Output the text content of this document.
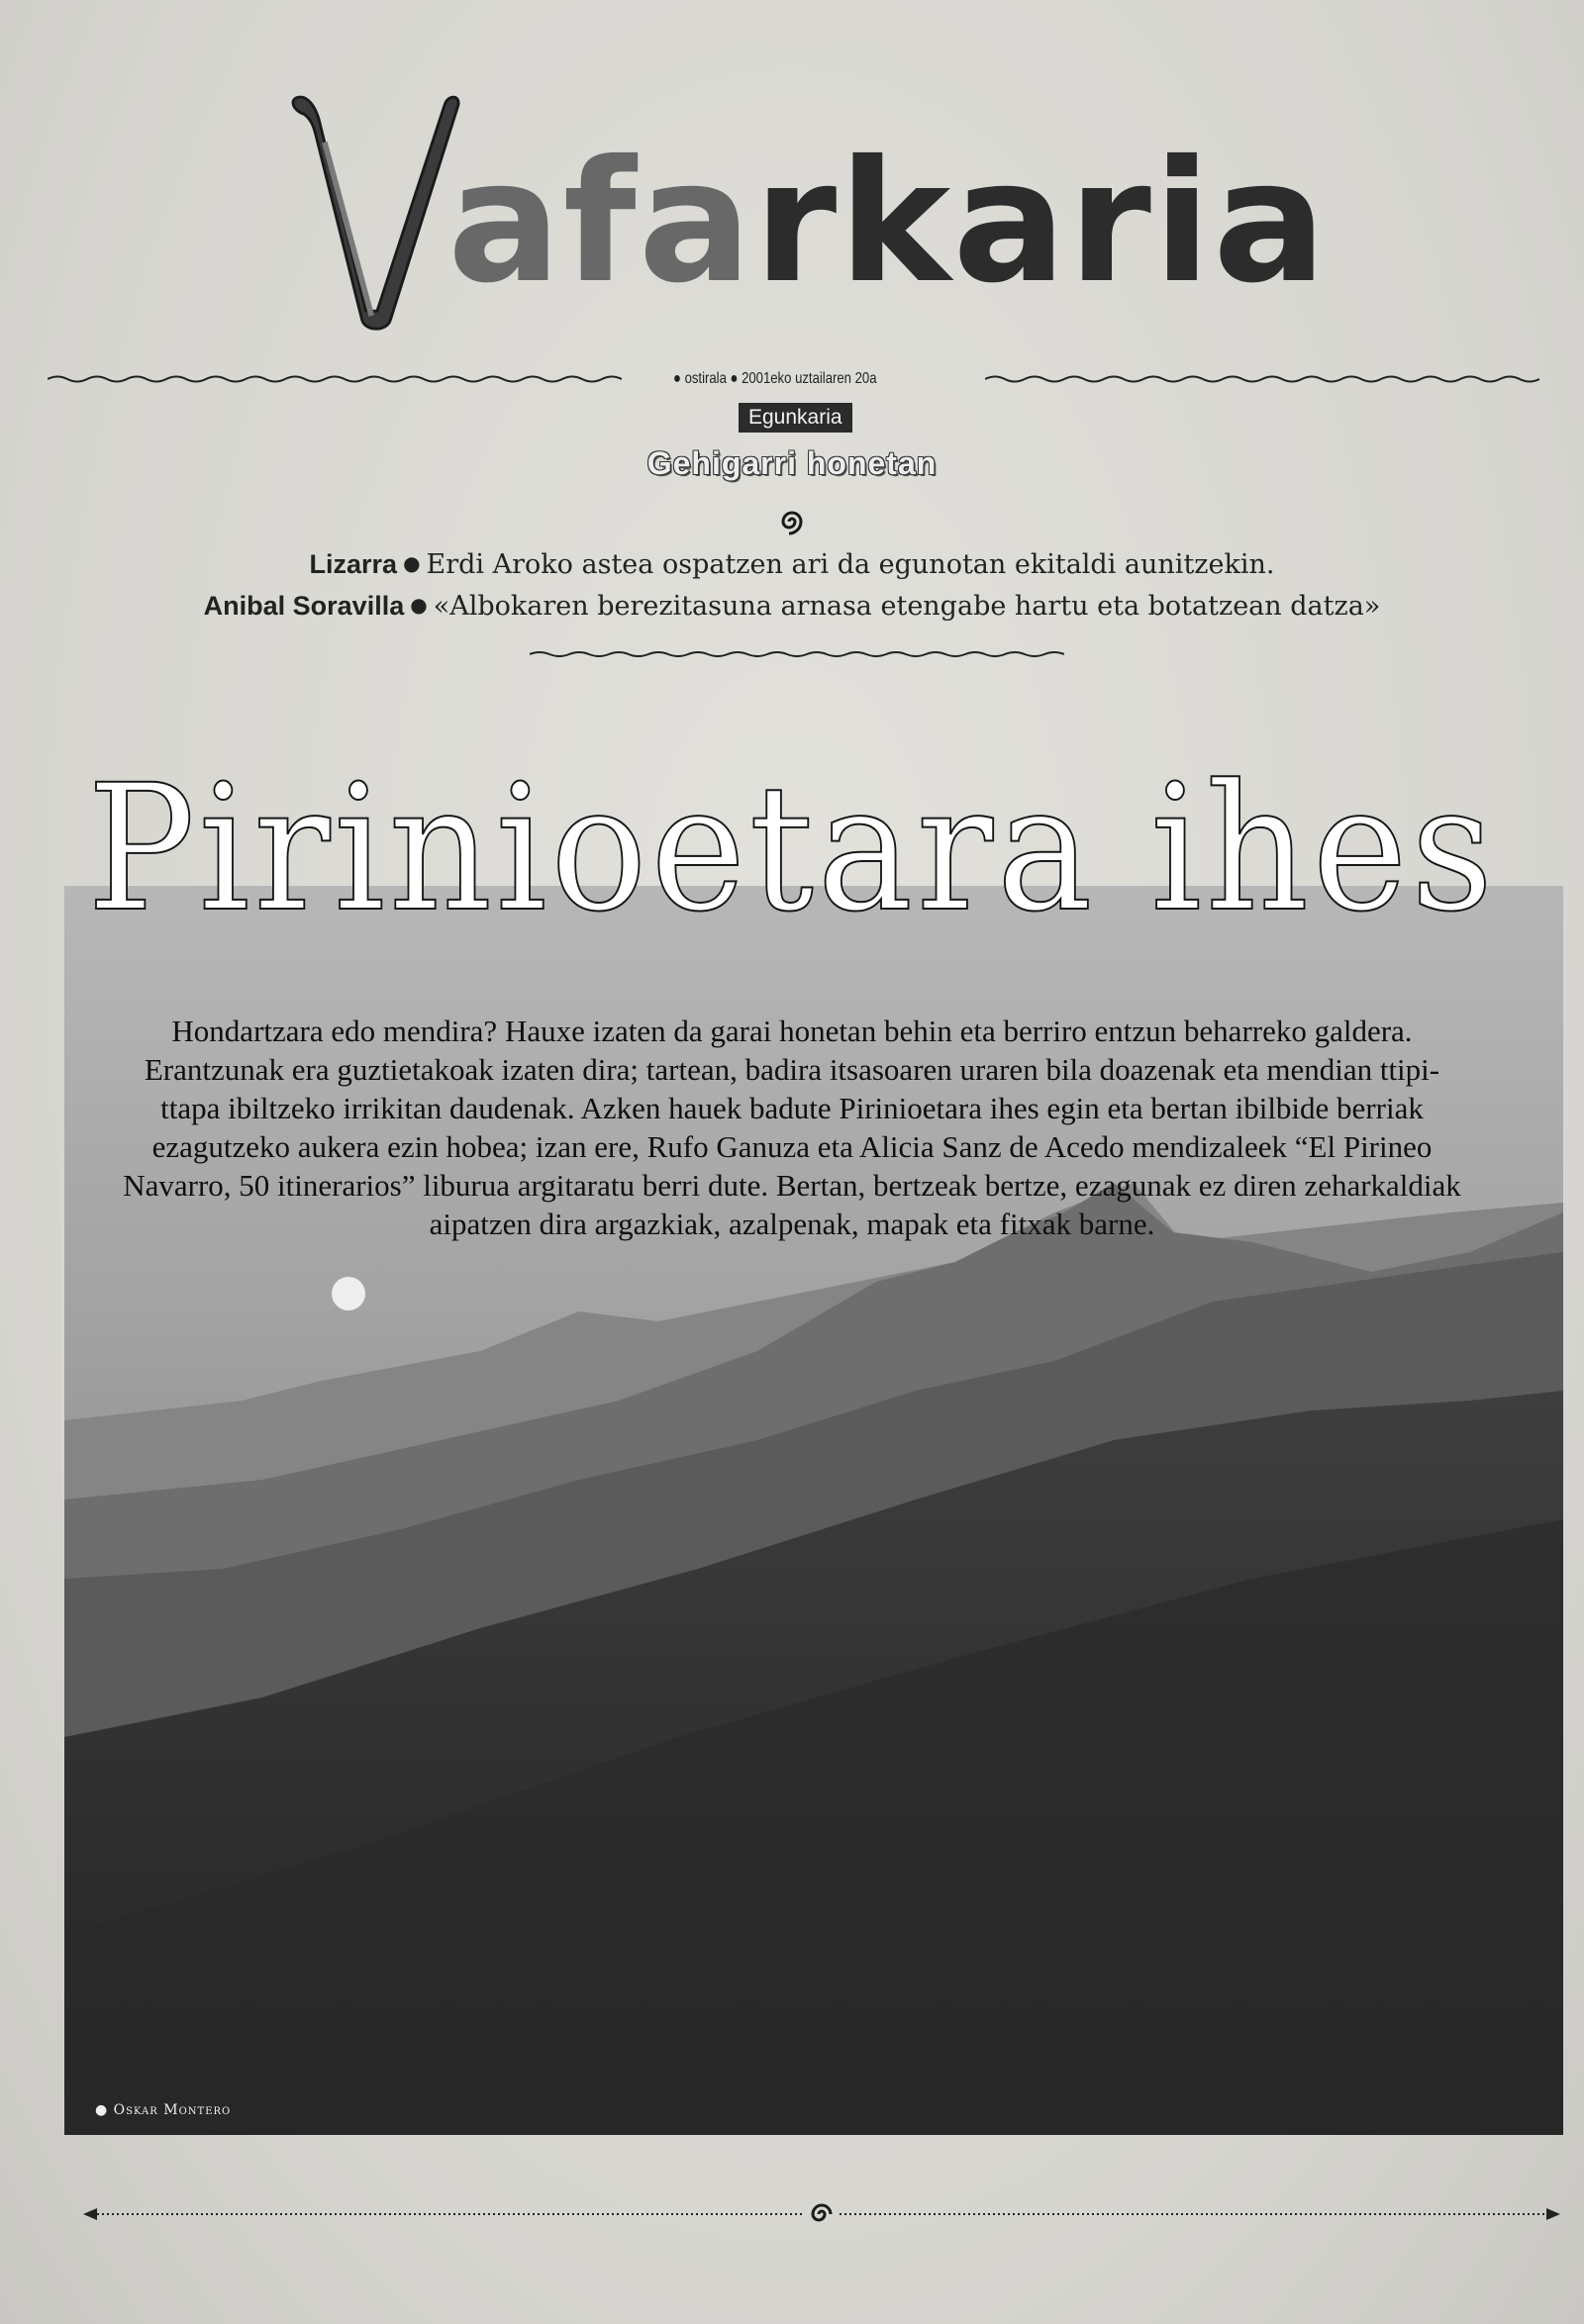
afarkaria
● ostirala ● 2001eko uztailaren 20a
Egunkaria
Gehigarri honetan
Lizarra ● Erdi Aroko astea ospatzen ari da egunotan ekitaldi aunitzekin.
Anibal Soravilla ● «Albokaren berezitasuna arnasa etengabe hartu eta botatzean datza»
Pirinioetara ihes
Hondartzara edo mendira? Hauxe izaten da garai honetan behin eta berriro entzun beharreko galdera.
Erantzunak era guztietakoak izaten dira; tartean, badira itsasoaren uraren bila doazenak eta mendian ttipi-
ttapa ibiltzeko irrikitan daudenak. Azken hauek badute Pirinioetara ihes egin eta bertan ibilbide berriak
ezagutzeko aukera ezin hobea; izan ere, Rufo Ganuza eta Alicia Sanz de Acedo mendizaleek “El Pirineo
Navarro, 50 itinerarios” liburua argitaratu berri dute. Bertan, bertzeak bertze, ezagunak ez diren zeharkaldiak
aipatzen dira argazkiak, azalpenak, mapak eta fitxak barne.
● Oskar Montero
